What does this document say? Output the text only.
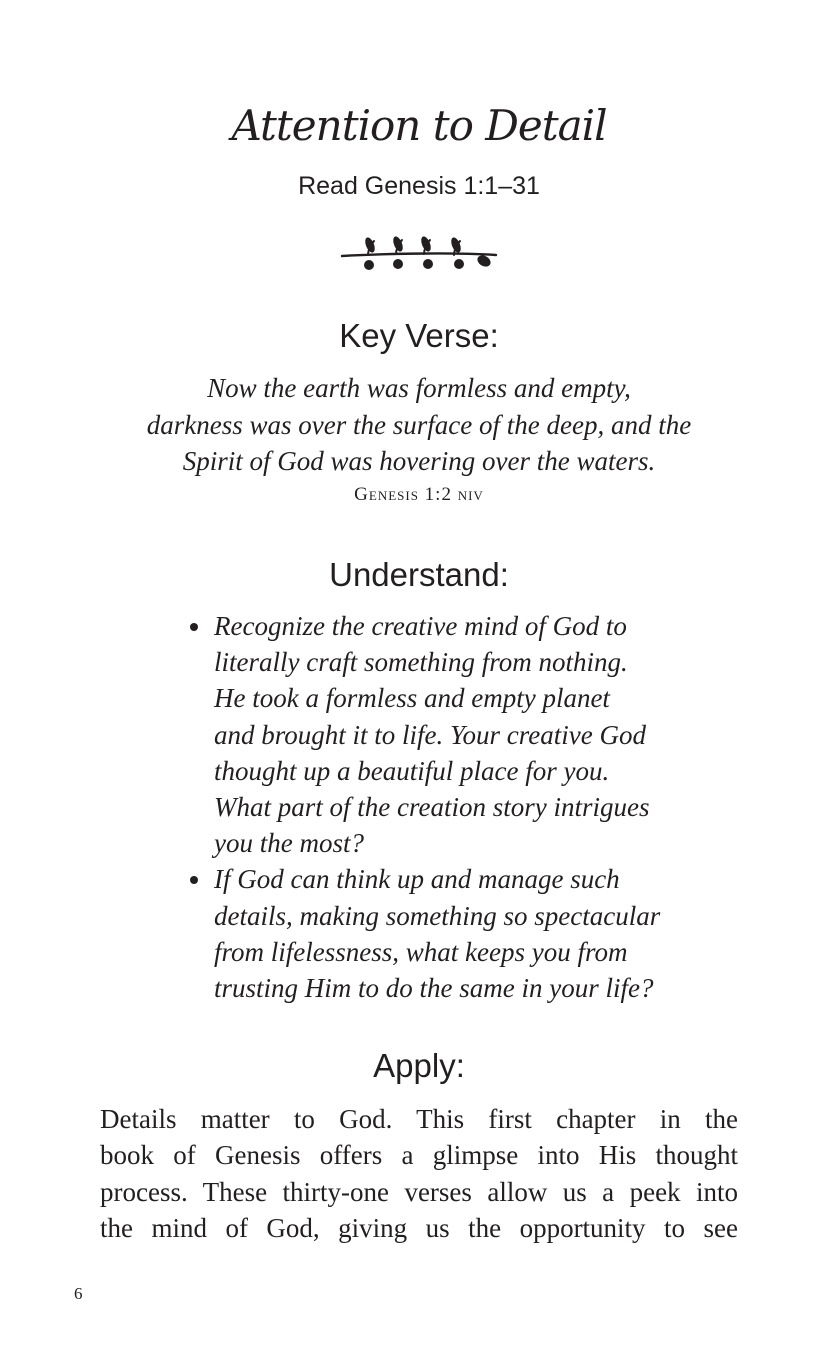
Attention to Detail
Read Genesis 1:1–31
Key Verse:
Now the earth was formless and empty,
darkness was over the surface of the deep, and the
Spirit of God was hovering over the waters.
Genesis 1:2 niv
Understand:
Recognize the creative mind of God to
literally craft something from nothing.
He took a formless and empty planet
and brought it to life. Your creative God
thought up a beautiful place for you.
What part of the creation story intrigues
you the most?
If God can think up and manage such
details, making something so spectacular
from lifelessness, what keeps you from
trusting Him to do the same in your life?
Apply:
Details matter to God. This first chapter in the
book of Genesis offers a glimpse into His thought
process. These thirty-one verses allow us a peek into
the mind of God, giving us the opportunity to see
6
